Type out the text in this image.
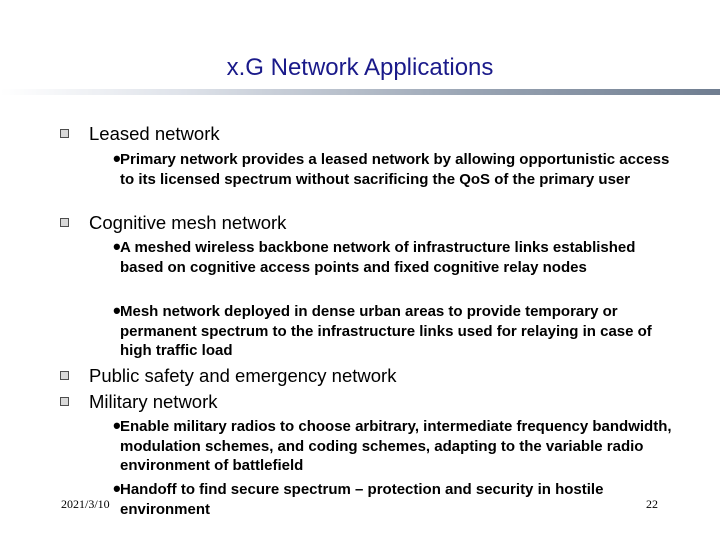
x.G Network Applications
Leased network
• Primary network provides a leased network by allowing opportunistic access to its licensed spectrum without sacrificing the QoS of the primary user
Cognitive mesh network
• A meshed wireless backbone network of infrastructure links established based on cognitive access points and fixed cognitive relay nodes
• Mesh network deployed in dense urban areas to provide temporary or permanent spectrum to the infrastructure links used for relaying in case of high traffic load
Public safety and emergency network
Military network
• Enable military radios to choose arbitrary, intermediate frequency bandwidth, modulation schemes, and coding schemes, adapting to the variable radio environment of battlefield
• Handoff to find secure spectrum – protection and security in hostile environment
2021/3/10	22
